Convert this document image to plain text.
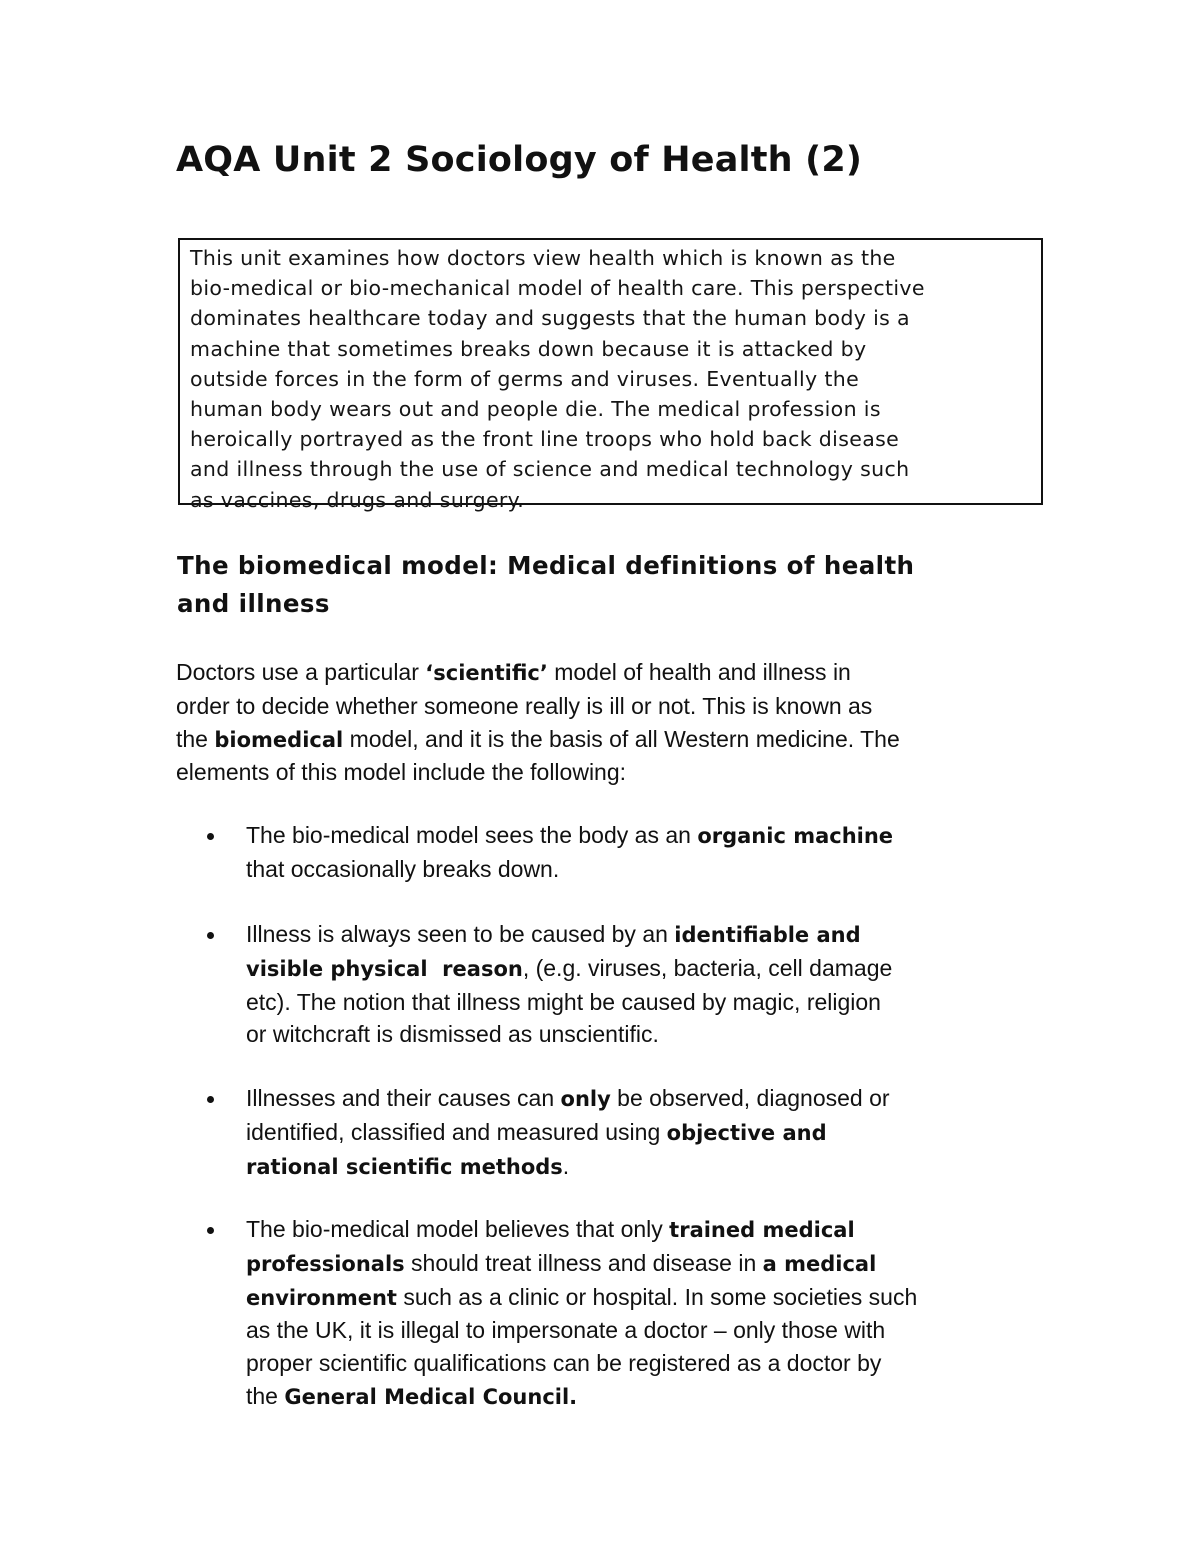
AQA Unit 2 Sociology of Health (2)
This unit examines how doctors view health which is known as the
bio-medical or bio-mechanical model of health care. This perspective
dominates healthcare today and suggests that the human body is a
machine that sometimes breaks down because it is attacked by
outside forces in the form of germs and viruses. Eventually the
human body wears out and people die. The medical profession is
heroically portrayed as the front line troops who hold back disease
and illness through the use of science and medical technology such
as vaccines, drugs and surgery.
The biomedical model: Medical definitions of health
and illness
Doctors use a particular ‘scientific’ model of health and illness in
order to decide whether someone really is ill or not. This is known as
the biomedical model, and it is the basis of all Western medicine. The
elements of this model include the following:
The bio-medical model sees the body as an organic machine
that occasionally breaks down.
Illness is always seen to be caused by an identifiable and
visible physical  reason, (e.g. viruses, bacteria, cell damage
etc). The notion that illness might be caused by magic, religion
or witchcraft is dismissed as unscientific.
Illnesses and their causes can only be observed, diagnosed or
identified, classified and measured using objective and
rational scientific methods.
The bio-medical model believes that only trained medical
professionals should treat illness and disease in a medical
environment such as a clinic or hospital. In some societies such
as the UK, it is illegal to impersonate a doctor – only those with
proper scientific qualifications can be registered as a doctor by
the General Medical Council.
